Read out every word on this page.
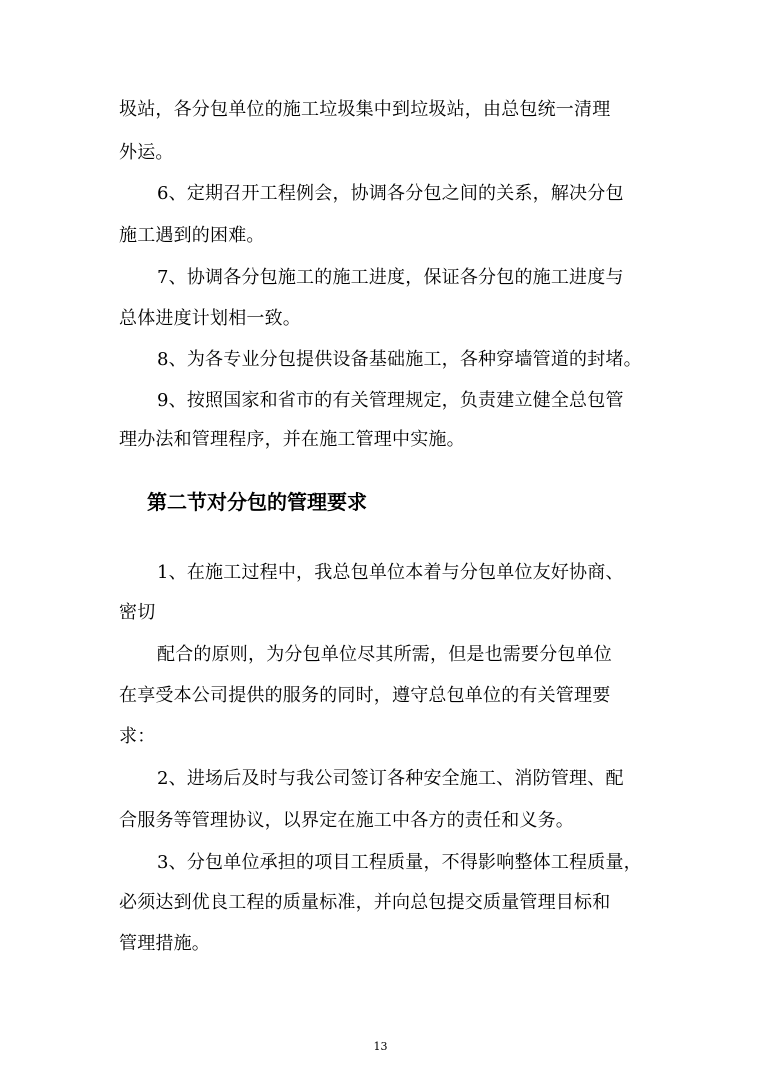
圾站，各分包单位的施工垃圾集中到垃圾站，由总包统一清理
外运。
6、定期召开工程例会，协调各分包之间的关系，解决分包
施工遇到的困难。
7、协调各分包施工的施工进度，保证各分包的施工进度与
总体进度计划相一致。
8、为各专业分包提供设备基础施工，各种穿墙管道的封堵。
9、按照国家和省市的有关管理规定，负责建立健全总包管
理办法和管理程序，并在施工管理中实施。
第二节对分包的管理要求
1、在施工过程中，我总包单位本着与分包单位友好协商、
密切
配合的原则，为分包单位尽其所需，但是也需要分包单位
在享受本公司提供的服务的同时，遵守总包单位的有关管理要
求：
2、进场后及时与我公司签订各种安全施工、消防管理、配
合服务等管理协议，以界定在施工中各方的责任和义务。
3、分包单位承担的项目工程质量，不得影响整体工程质量，
必须达到优良工程的质量标准，并向总包提交质量管理目标和
管理措施。
13
